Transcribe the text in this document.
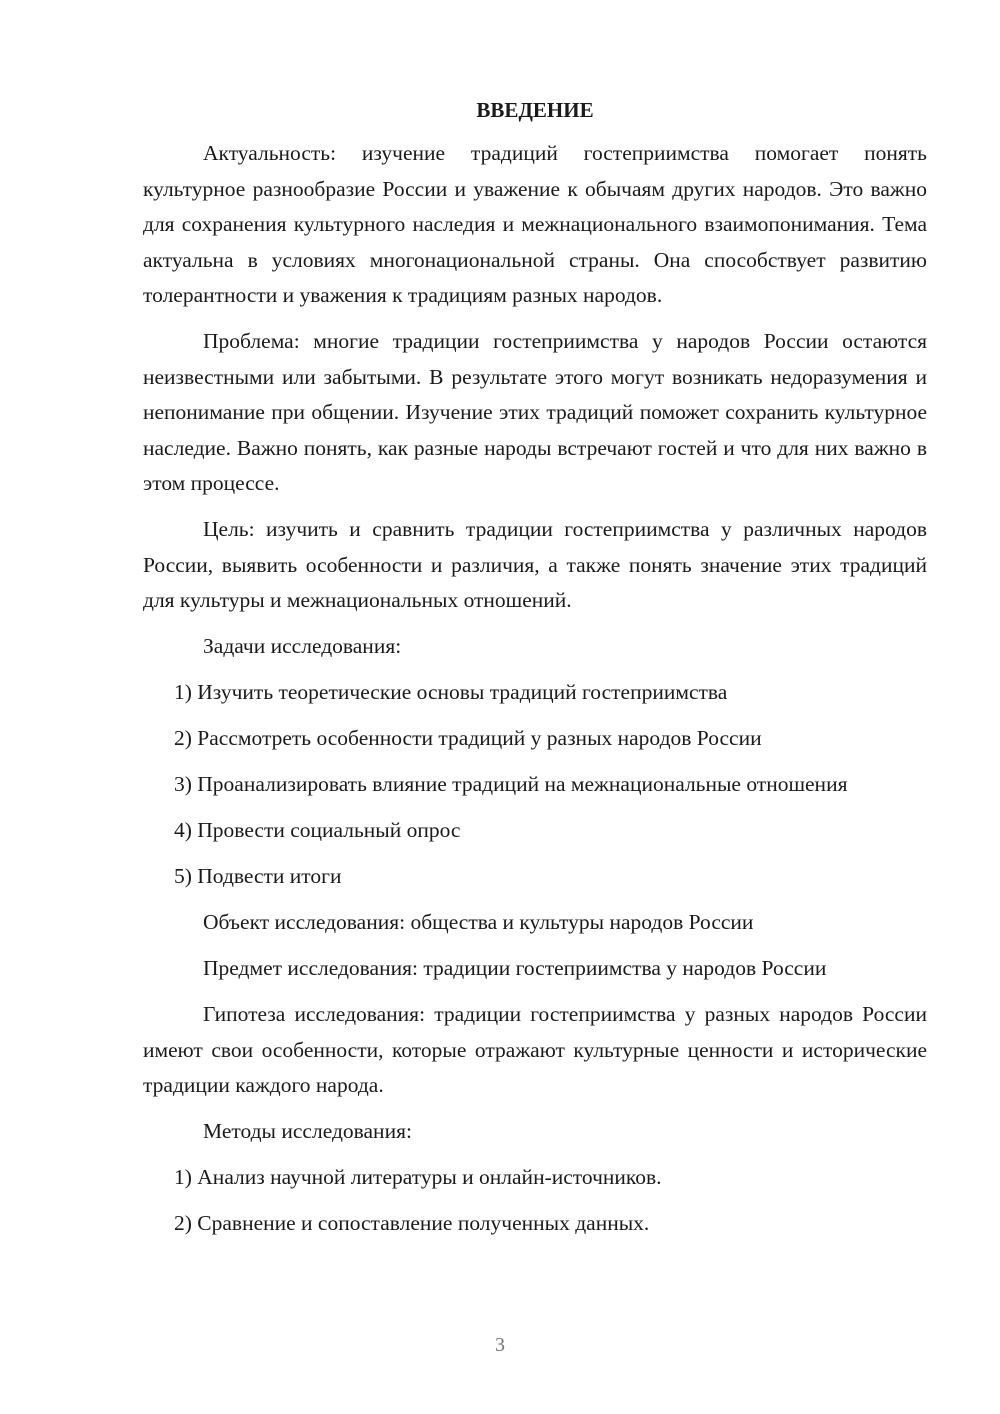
ВВЕДЕНИЕ

Актуальность: изучение традиций гостеприимства помогает понять культурное разнообразие России и уважение к обычаям других народов. Это важно для сохранения культурного наследия и межнационального взаимопонимания. Тема актуальна в условиях многонациональной страны. Она способствует развитию толерантности и уважения к традициям разных народов.

Проблема: многие традиции гостеприимства у народов России остаются неизвестными или забытыми. В результате этого могут возникать недоразумения и непонимание при общении. Изучение этих традиций поможет сохранить культурное наследие. Важно понять, как разные народы встречают гостей и что для них важно в этом процессе.

Цель: изучить и сравнить традиции гостеприимства у различных народов России, выявить особенности и различия, а также понять значение этих традиций для культуры и межнациональных отношений.

Задачи исследования:

1) Изучить теоретические основы традиций гостеприимства

2) Рассмотреть особенности традиций у разных народов России

3) Проанализировать влияние традиций на межнациональные отношения

4) Провести социальный опрос

5) Подвести итоги

Объект исследования: общества и культуры народов России

Предмет исследования: традиции гостеприимства у народов России

Гипотеза исследования: традиции гостеприимства у разных народов России имеют свои особенности, которые отражают культурные ценности и исторические традиции каждого народа.

Методы исследования:

1) Анализ научной литературы и онлайн-источников.

2) Сравнение и сопоставление полученных данных.

3
